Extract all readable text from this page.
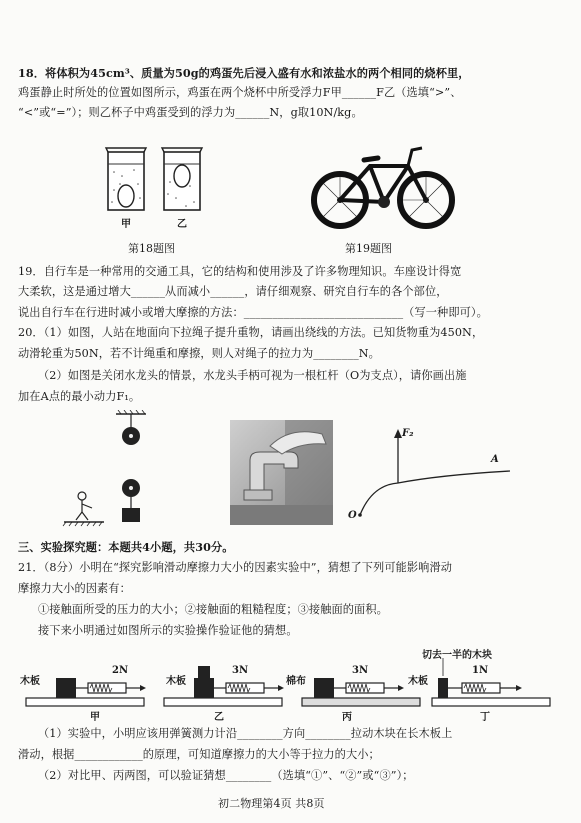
18．将体积为45cm³、质量为50g的鸡蛋先后浸入盛有水和浓盐水的两个相同的烧杯里，
鸡蛋静止时所处的位置如图所示，鸡蛋在两个烧杯中所受浮力F甲______F乙（选填“>”、
“<”或“=”）；则乙杯子中鸡蛋受到的浮力为______N，g取10N/kg。
甲	乙
第18题图	第19题图
19．自行车是一种常用的交通工具，它的结构和使用涉及了许多物理知识。车座设计得宽
大柔软，这是通过增大______从而减小______，请仔细观察、研究自行车的各个部位，
说出自行车在行进时减小或增大摩擦的方法：____________________________（写一种即可）。
20．（1）如图，人站在地面向下拉绳子提升重物，请画出绕线的方法。已知货物重为450N，
动滑轮重为50N，若不计绳重和摩擦，则人对绳子的拉力为________N。
（2）如图是关闭水龙头的情景，水龙头手柄可视为一根杠杆（O为支点），请你画出施
加在A点的最小动力F₁。
F₂
A
O
三、实验探究题：本题共4小题，共30分。
21．（8分）小明在“探究影响滑动摩擦力大小的因素实验中”，猜想了下列可能影响滑动
摩擦力大小的因素有：
①接触面所受的压力的大小；②接触面的粗糙程度；③接触面的面积。
接下来小明通过如图所示的实验操作验证他的猜想。
切去一半的木块
木板
2N
甲
木板
3N
乙
棉布
3N
丙
木板
1N
丁
（1）实验中，小明应该用弹簧测力计沿________方向________拉动木块在长木板上
滑动，根据____________的原理，可知道摩擦力的大小等于拉力的大小；
（2）对比甲、丙两图，可以验证猜想________（选填“①”、“②”或“③”）；
初二物理第4页 共8页
